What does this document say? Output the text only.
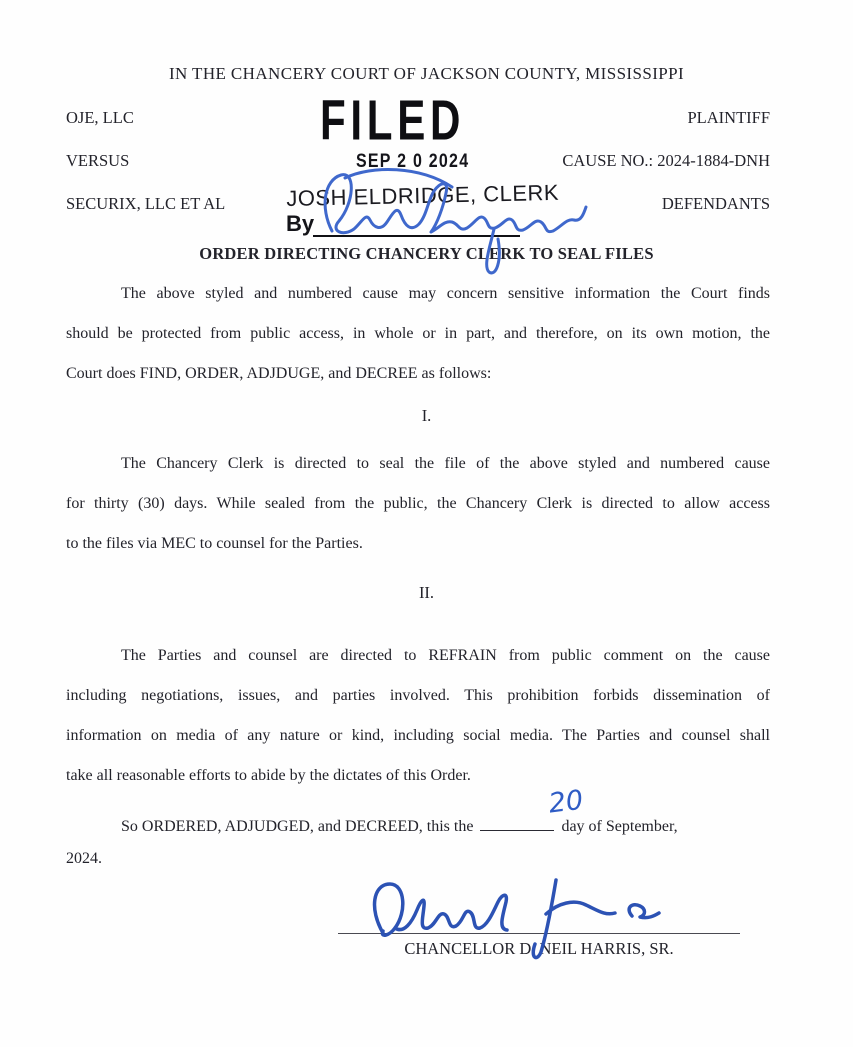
IN THE CHANCERY COURT OF JACKSON COUNTY, MISSISSIPPI
OJE, LLC	PLAINTIFF
VERSUS	CAUSE NO.: 2024-1884-DNH
SECURIX, LLC ET AL	DEFENDANTS
FILED
SEP 2 0 2024
JOSH ELDRIDGE, CLERK
By
ORDER DIRECTING CHANCERY CLERK TO SEAL FILES
The above styled and numbered cause may concern sensitive information the Court finds
should be protected from public access, in whole or in part, and therefore, on its own motion, the
Court does FIND, ORDER, ADJDUGE, and DECREE as follows:
I.
The Chancery Clerk is directed to seal the file of the above styled and numbered cause
for thirty (30) days. While sealed from the public, the Chancery Clerk is directed to allow access
to the files via MEC to counsel for the Parties.
II.
The Parties and counsel are directed to REFRAIN from public comment on the cause
including negotiations, issues, and parties involved. This prohibition forbids dissemination of
information on media of any nature or kind, including social media. The Parties and counsel shall
take all reasonable efforts to abide by the dictates of this Order.
So ORDERED, ADJUDGED, and DECREED, this the
20
day of September,
2024.
CHANCELLOR D. NEIL HARRIS, SR.
